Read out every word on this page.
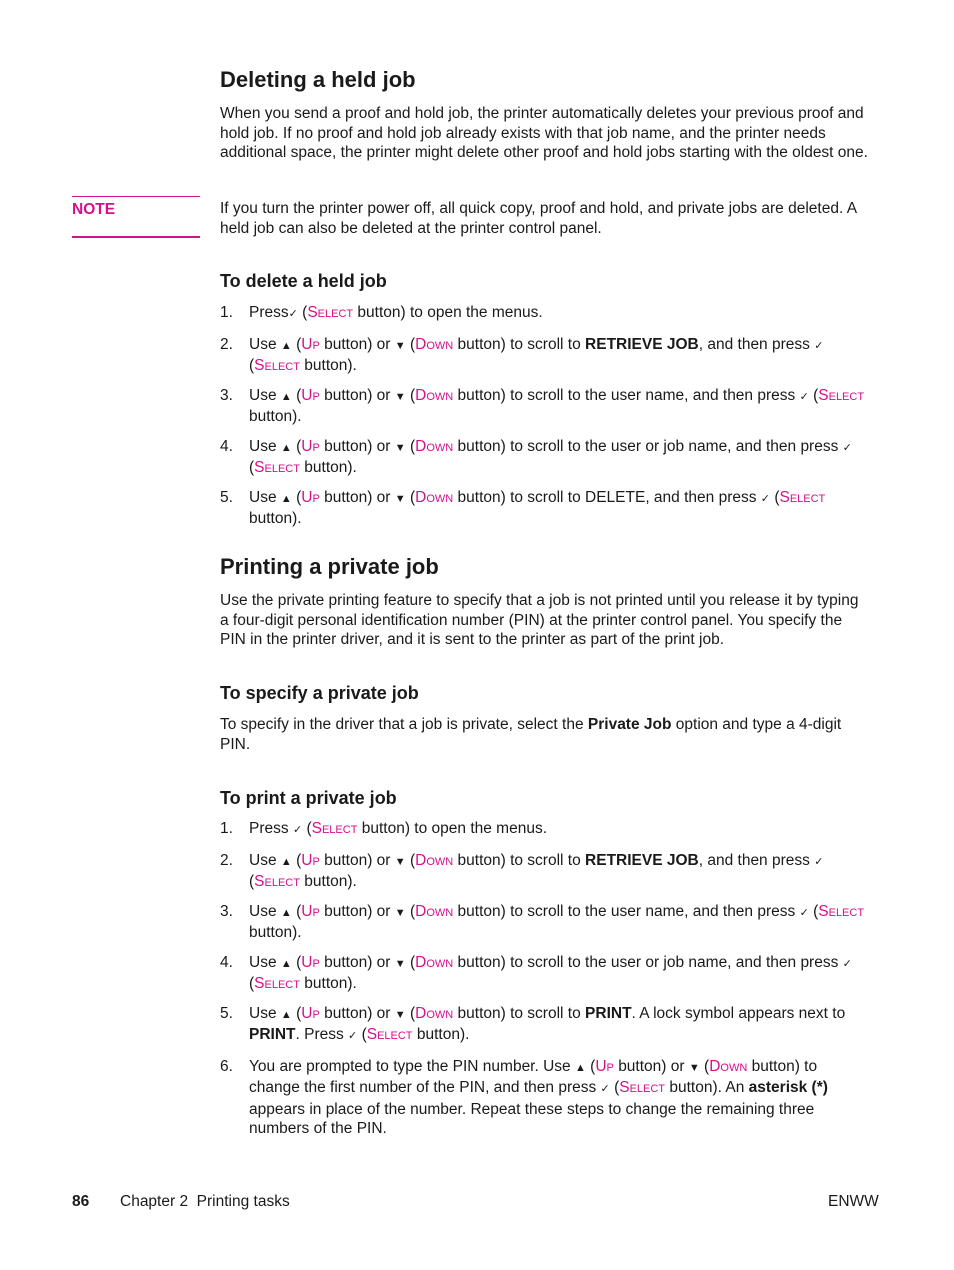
Deleting a held job

When you send a proof and hold job, the printer automatically deletes your previous proof and hold job. If no proof and hold job already exists with that job name, and the printer needs additional space, the printer might delete other proof and hold jobs starting with the oldest one.

NOTE	If you turn the printer power off, all quick copy, proof and hold, and private jobs are deleted. A held job can also be deleted at the printer control panel.

To delete a held job
1. Press✓ (Select button) to open the menus.
2. Use ▲ (Up button) or ▼ (Down button) to scroll to RETRIEVE JOB, and then press ✓ (Select button).
3. Use ▲ (Up button) or ▼ (Down button) to scroll to the user name, and then press ✓ (Select button).
4. Use ▲ (Up button) or ▼ (Down button) to scroll to the user or job name, and then press ✓ (Select button).
5. Use ▲ (Up button) or ▼ (Down button) to scroll to DELETE, and then press ✓ (Select button).
Printing a private job

Use the private printing feature to specify that a job is not printed until you release it by typing a four-digit personal identification number (PIN) at the printer control panel. You specify the PIN in the printer driver, and it is sent to the printer as part of the print job.

To specify a private job

To specify in the driver that a job is private, select the Private Job option and type a 4-digit PIN.

To print a private job
1. Press ✓ (Select button) to open the menus.
2. Use ▲ (Up button) or ▼ (Down button) to scroll to RETRIEVE JOB, and then press ✓ (Select button).
3. Use ▲ (Up button) or ▼ (Down button) to scroll to the user name, and then press ✓ (Select button).
4. Use ▲ (Up button) or ▼ (Down button) to scroll to the user or job name, and then press ✓ (Select button).
5. Use ▲ (Up button) or ▼ (Down button) to scroll to PRINT. A lock symbol appears next to PRINT. Press ✓ (Select button).
6. You are prompted to type the PIN number. Use ▲ (Up button) or ▼ (Down button) to change the first number of the PIN, and then press ✓ (Select button). An asterisk (*) appears in place of the number. Repeat these steps to change the remaining three numbers of the PIN.
86 Chapter 2  Printing tasks	ENWW
